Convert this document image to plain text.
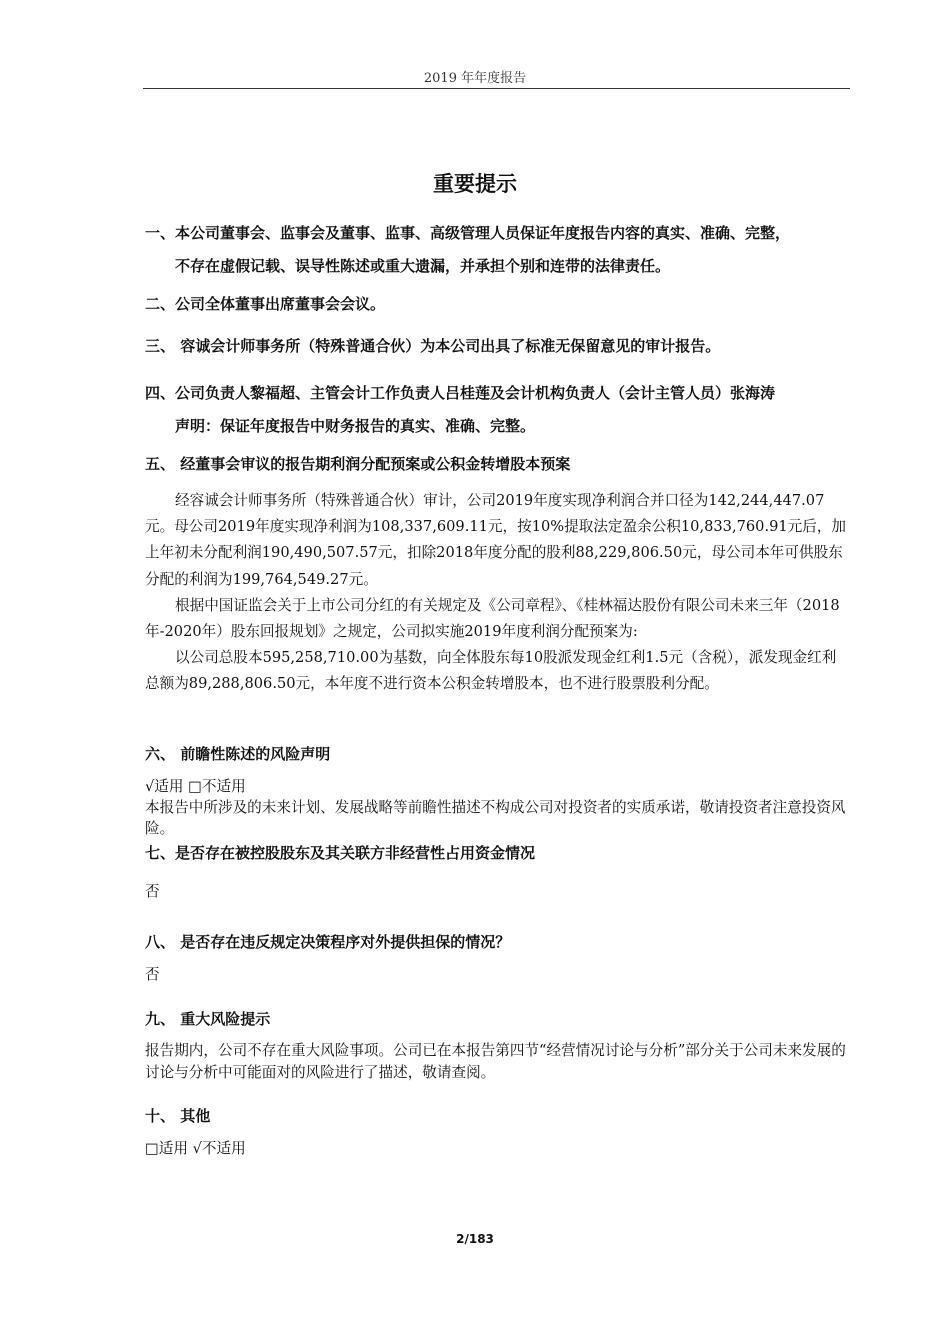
2019 年年度报告
重要提示
一、本公司董事会、监事会及董事、监事、高级管理人员保证年度报告内容的真实、准确、完整，
不存在虚假记载、误导性陈述或重大遗漏，并承担个别和连带的法律责任。
二、公司全体董事出席董事会会议。
三、 容诚会计师事务所（特殊普通合伙）为本公司出具了标准无保留意见的审计报告。
四、公司负责人黎福超、主管会计工作负责人吕桂莲及会计机构负责人（会计主管人员）张海涛
声明：保证年度报告中财务报告的真实、准确、完整。
五、 经董事会审议的报告期利润分配预案或公积金转增股本预案
经容诚会计师事务所（特殊普通合伙）审计，公司2019年度实现净利润合并口径为142,244,447.07元。母公司2019年度实现净利润为108,337,609.11元，按10%提取法定盈余公积10,833,760.91元后，加上年初未分配利润190,490,507.57元，扣除2018年度分配的股利88,229,806.50元，母公司本年可供股东分配的利润为199,764,549.27元。
根据中国证监会关于上市公司分红的有关规定及《公司章程》、《桂林福达股份有限公司未来三年（2018年-2020年）股东回报规划》之规定，公司拟实施2019年度利润分配预案为:
以公司总股本595,258,710.00为基数，向全体股东每10股派发现金红利1.5元（含税），派发现金红利总额为89,288,806.50元，本年度不进行资本公积金转增股本，也不进行股票股利分配。
六、 前瞻性陈述的风险声明
√适用 □不适用
本报告中所涉及的未来计划、发展战略等前瞻性描述不构成公司对投资者的实质承诺，敬请投资者注意投资风险。
七、是否存在被控股股东及其关联方非经营性占用资金情况
否
八、 是否存在违反规定决策程序对外提供担保的情况？
否
九、 重大风险提示
报告期内，公司不存在重大风险事项。公司已在本报告第四节“经营情况讨论与分析”部分关于公司未来发展的讨论与分析中可能面对的风险进行了描述，敬请查阅。
十、 其他
□适用 √不适用
2/183
